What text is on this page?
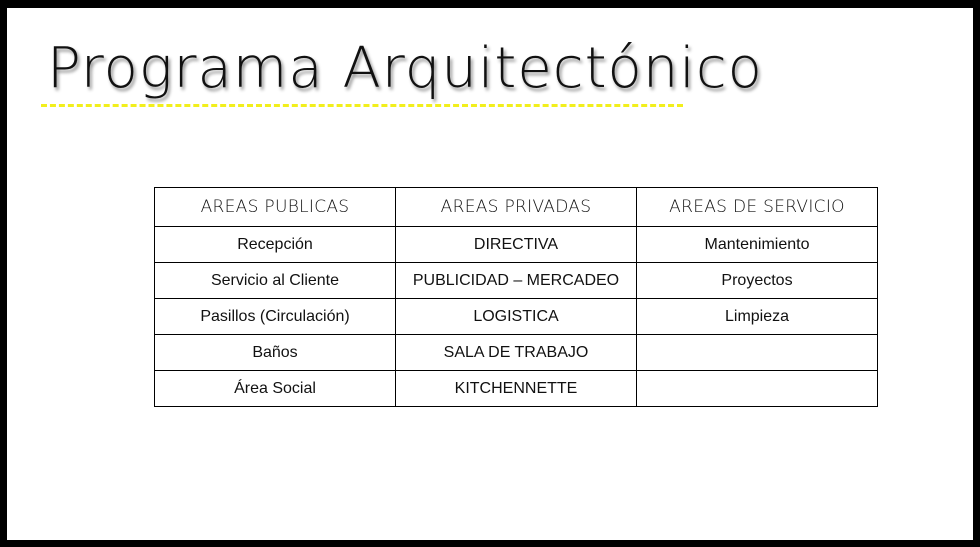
Programa Arquitectónico
AREAS PUBLICAS	AREAS PRIVADAS	AREAS DE SERVICIO
Recepción	DIRECTIVA	Mantenimiento
Servicio al Cliente	PUBLICIDAD – MERCADEO	Proyectos
Pasillos (Circulación)	LOGISTICA	Limpieza
Baños	SALA DE TRABAJO	
Área Social	KITCHENNETTE	
